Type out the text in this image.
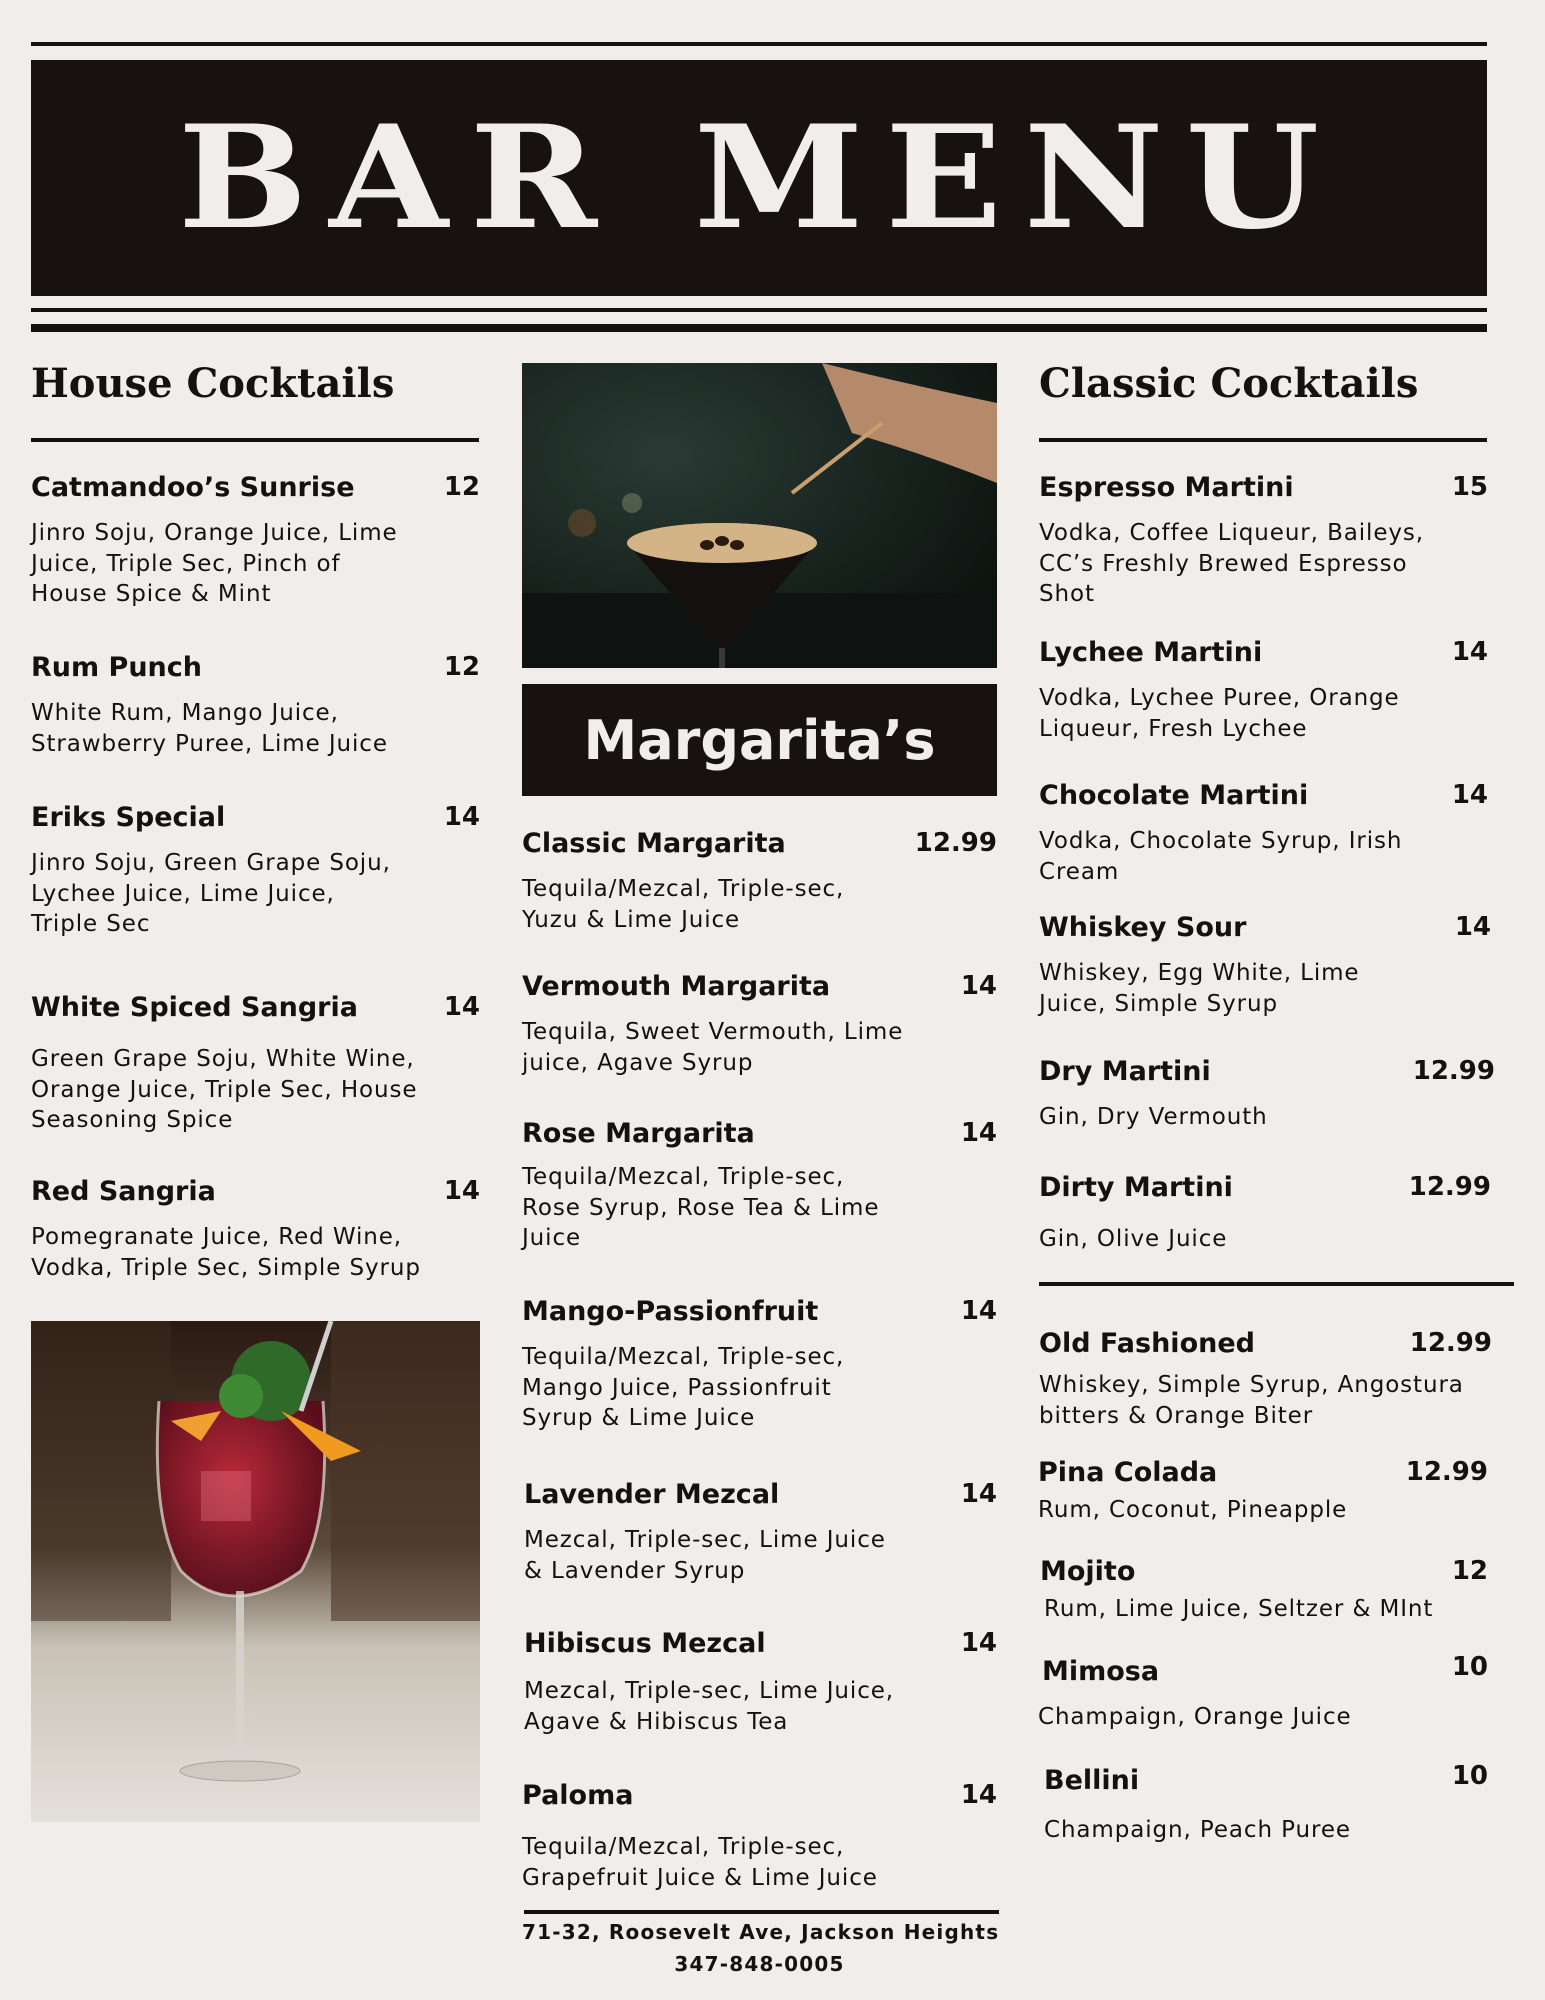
BAR MENU
House Cocktails
Catmandoo’s Sunrise	12
Jinro Soju, Orange Juice, Lime
Juice, Triple Sec, Pinch of
House Spice & Mint
Rum Punch	12
White Rum, Mango Juice,
Strawberry Puree, Lime Juice
Eriks Special	14
Jinro Soju, Green Grape Soju,
Lychee Juice, Lime Juice,
Triple Sec
White Spiced Sangria	14
Green Grape Soju, White Wine,
Orange Juice, Triple Sec, House
Seasoning Spice
Red Sangria	14
Pomegranate Juice, Red Wine,
Vodka, Triple Sec, Simple Syrup
Margarita’s
Classic Margarita	12.99
Tequila/Mezcal, Triple-sec,
Yuzu & Lime Juice
Vermouth Margarita	14
Tequila, Sweet Vermouth, Lime
juice, Agave Syrup
Rose Margarita	14
Tequila/Mezcal, Triple-sec,
Rose Syrup, Rose Tea & Lime
Juice
Mango-Passionfruit	14
Tequila/Mezcal, Triple-sec,
Mango Juice, Passionfruit
Syrup & Lime Juice
Lavender Mezcal	14
Mezcal, Triple-sec, Lime Juice
& Lavender Syrup
Hibiscus Mezcal	14
Mezcal, Triple-sec, Lime Juice,
Agave & Hibiscus Tea
Paloma	14
Tequila/Mezcal, Triple-sec,
Grapefruit Juice & Lime Juice
71-32, Roosevelt Ave, Jackson Heights
347-848-0005
Classic Cocktails
Espresso Martini	15
Vodka, Coffee Liqueur, Baileys,
CC’s Freshly Brewed Espresso
Shot
Lychee Martini	14
Vodka, Lychee Puree, Orange
Liqueur, Fresh Lychee
Chocolate Martini	14
Vodka, Chocolate Syrup, Irish
Cream
Whiskey Sour	14
Whiskey, Egg White, Lime
Juice, Simple Syrup
Dry Martini	12.99
Gin, Dry Vermouth
Dirty Martini	12.99
Gin, Olive Juice
Old Fashioned	12.99
Whiskey, Simple Syrup, Angostura
bitters & Orange Biter
Pina Colada	12.99
Rum, Coconut, Pineapple
Mojito	12
Rum, Lime Juice, Seltzer & MInt
Mimosa	10
Champaign, Orange Juice
Bellini	10
Champaign, Peach Puree
